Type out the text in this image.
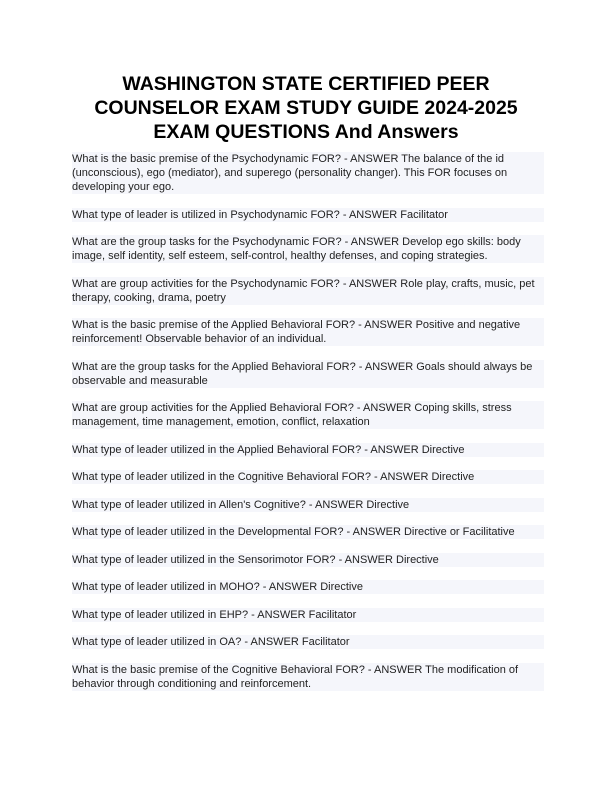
WASHINGTON STATE CERTIFIED PEER
COUNSELOR EXAM STUDY GUIDE 2024-2025
EXAM QUESTIONS And Answers

What is the basic premise of the Psychodynamic FOR? - ANSWER The balance of the id (unconscious), ego (mediator), and superego (personality changer). This FOR focuses on developing your ego.

What type of leader is utilized in Psychodynamic FOR? - ANSWER Facilitator

What are the group tasks for the Psychodynamic FOR? - ANSWER Develop ego skills: body image, self identity, self esteem, self-control, healthy defenses, and coping strategies.

What are group activities for the Psychodynamic FOR? - ANSWER Role play, crafts, music, pet therapy, cooking, drama, poetry

What is the basic premise of the Applied Behavioral FOR? - ANSWER Positive and negative reinforcement! Observable behavior of an individual.

What are the group tasks for the Applied Behavioral FOR? - ANSWER Goals should always be observable and measurable

What are group activities for the Applied Behavioral FOR? - ANSWER Coping skills, stress management, time management, emotion, conflict, relaxation

What type of leader utilized in the Applied Behavioral FOR? - ANSWER Directive

What type of leader utilized in the Cognitive Behavioral FOR? - ANSWER Directive

What type of leader utilized in Allen's Cognitive? - ANSWER Directive

What type of leader utilized in the Developmental FOR? - ANSWER Directive or Facilitative

What type of leader utilized in the Sensorimotor FOR? - ANSWER Directive

What type of leader utilized in MOHO? - ANSWER Directive

What type of leader utilized in EHP? - ANSWER Facilitator

What type of leader utilized in OA? - ANSWER Facilitator

What is the basic premise of the Cognitive Behavioral FOR? - ANSWER The modification of behavior through conditioning and reinforcement.
